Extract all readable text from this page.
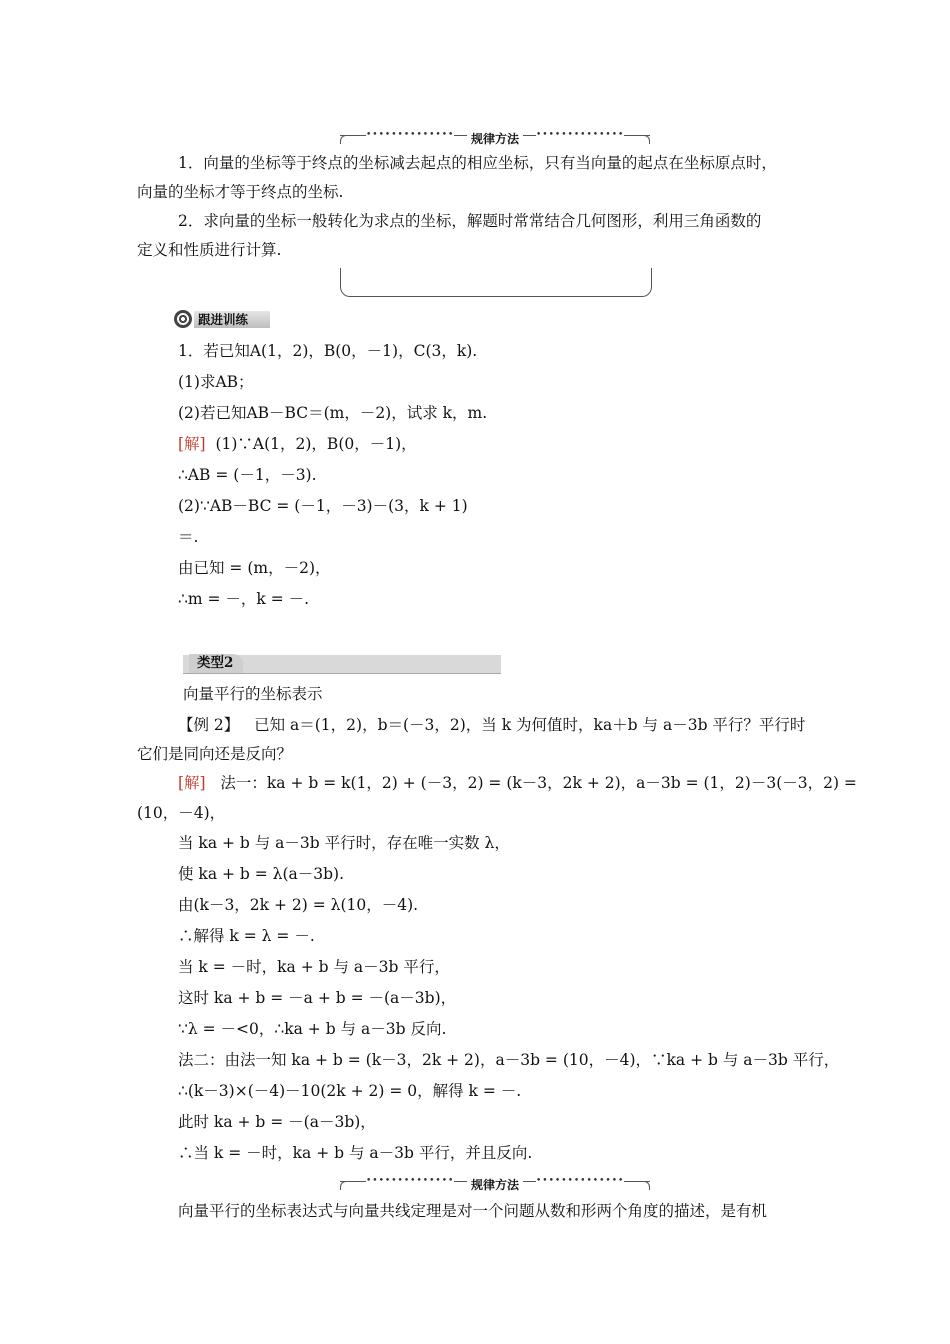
••••••••••••••	••••••••••••••
规律方法
1．向量的坐标等于终点的坐标减去起点的相应坐标，只有当向量的起点在坐标原点时，
向量的坐标才等于终点的坐标.
2．求向量的坐标一般转化为求点的坐标，解题时常常结合几何图形，利用三角函数的
定义和性质进行计算.
跟进训练
1．若已知A(1，2)，B(0，－1)，C(3，k).
(1)求AB；
(2)若已知AB－BC＝(m，－2)，试求 k，m.
[解] (1)∵A(1，2)，B(0，－1)，
∴AB = (－1，－3).
(2)∵AB－BC = (－1，－3)－(3，k + 1)
＝.
由已知 = (m，－2)，
∴m = －，k = －.
类型2
向量平行的坐标表示
【例 2】 已知 a＝(1，2)，b＝(－3，2)，当 k 为何值时，ka＋b 与 a－3b 平行？平行时
它们是同向还是反向？
[解] 法一：ka + b = k(1，2) + (－3，2) = (k－3，2k + 2)，a－3b = (1，2)－3(－3，2) =
(10，－4)，
当 ka + b 与 a－3b 平行时，存在唯一实数 λ，
使 ka + b = λ(a－3b).
由(k－3，2k + 2) = λ(10，－4).
∴解得 k = λ = －.
当 k = －时，ka + b 与 a－3b 平行，
这时 ka + b = －a + b = －(a－3b)，
∵λ = －<0，∴ka + b 与 a－3b 反向.
法二：由法一知 ka + b = (k－3，2k + 2)，a－3b = (10，－4)，∵ka + b 与 a－3b 平行，
∴(k－3)×(－4)－10(2k + 2) = 0，解得 k = －.
此时 ka + b = －(a－3b)，
∴当 k = －时，ka + b 与 a－3b 平行，并且反向.
••••••••••••••	••••••••••••••
规律方法
向量平行的坐标表达式与向量共线定理是对一个问题从数和形两个角度的描述，是有机
